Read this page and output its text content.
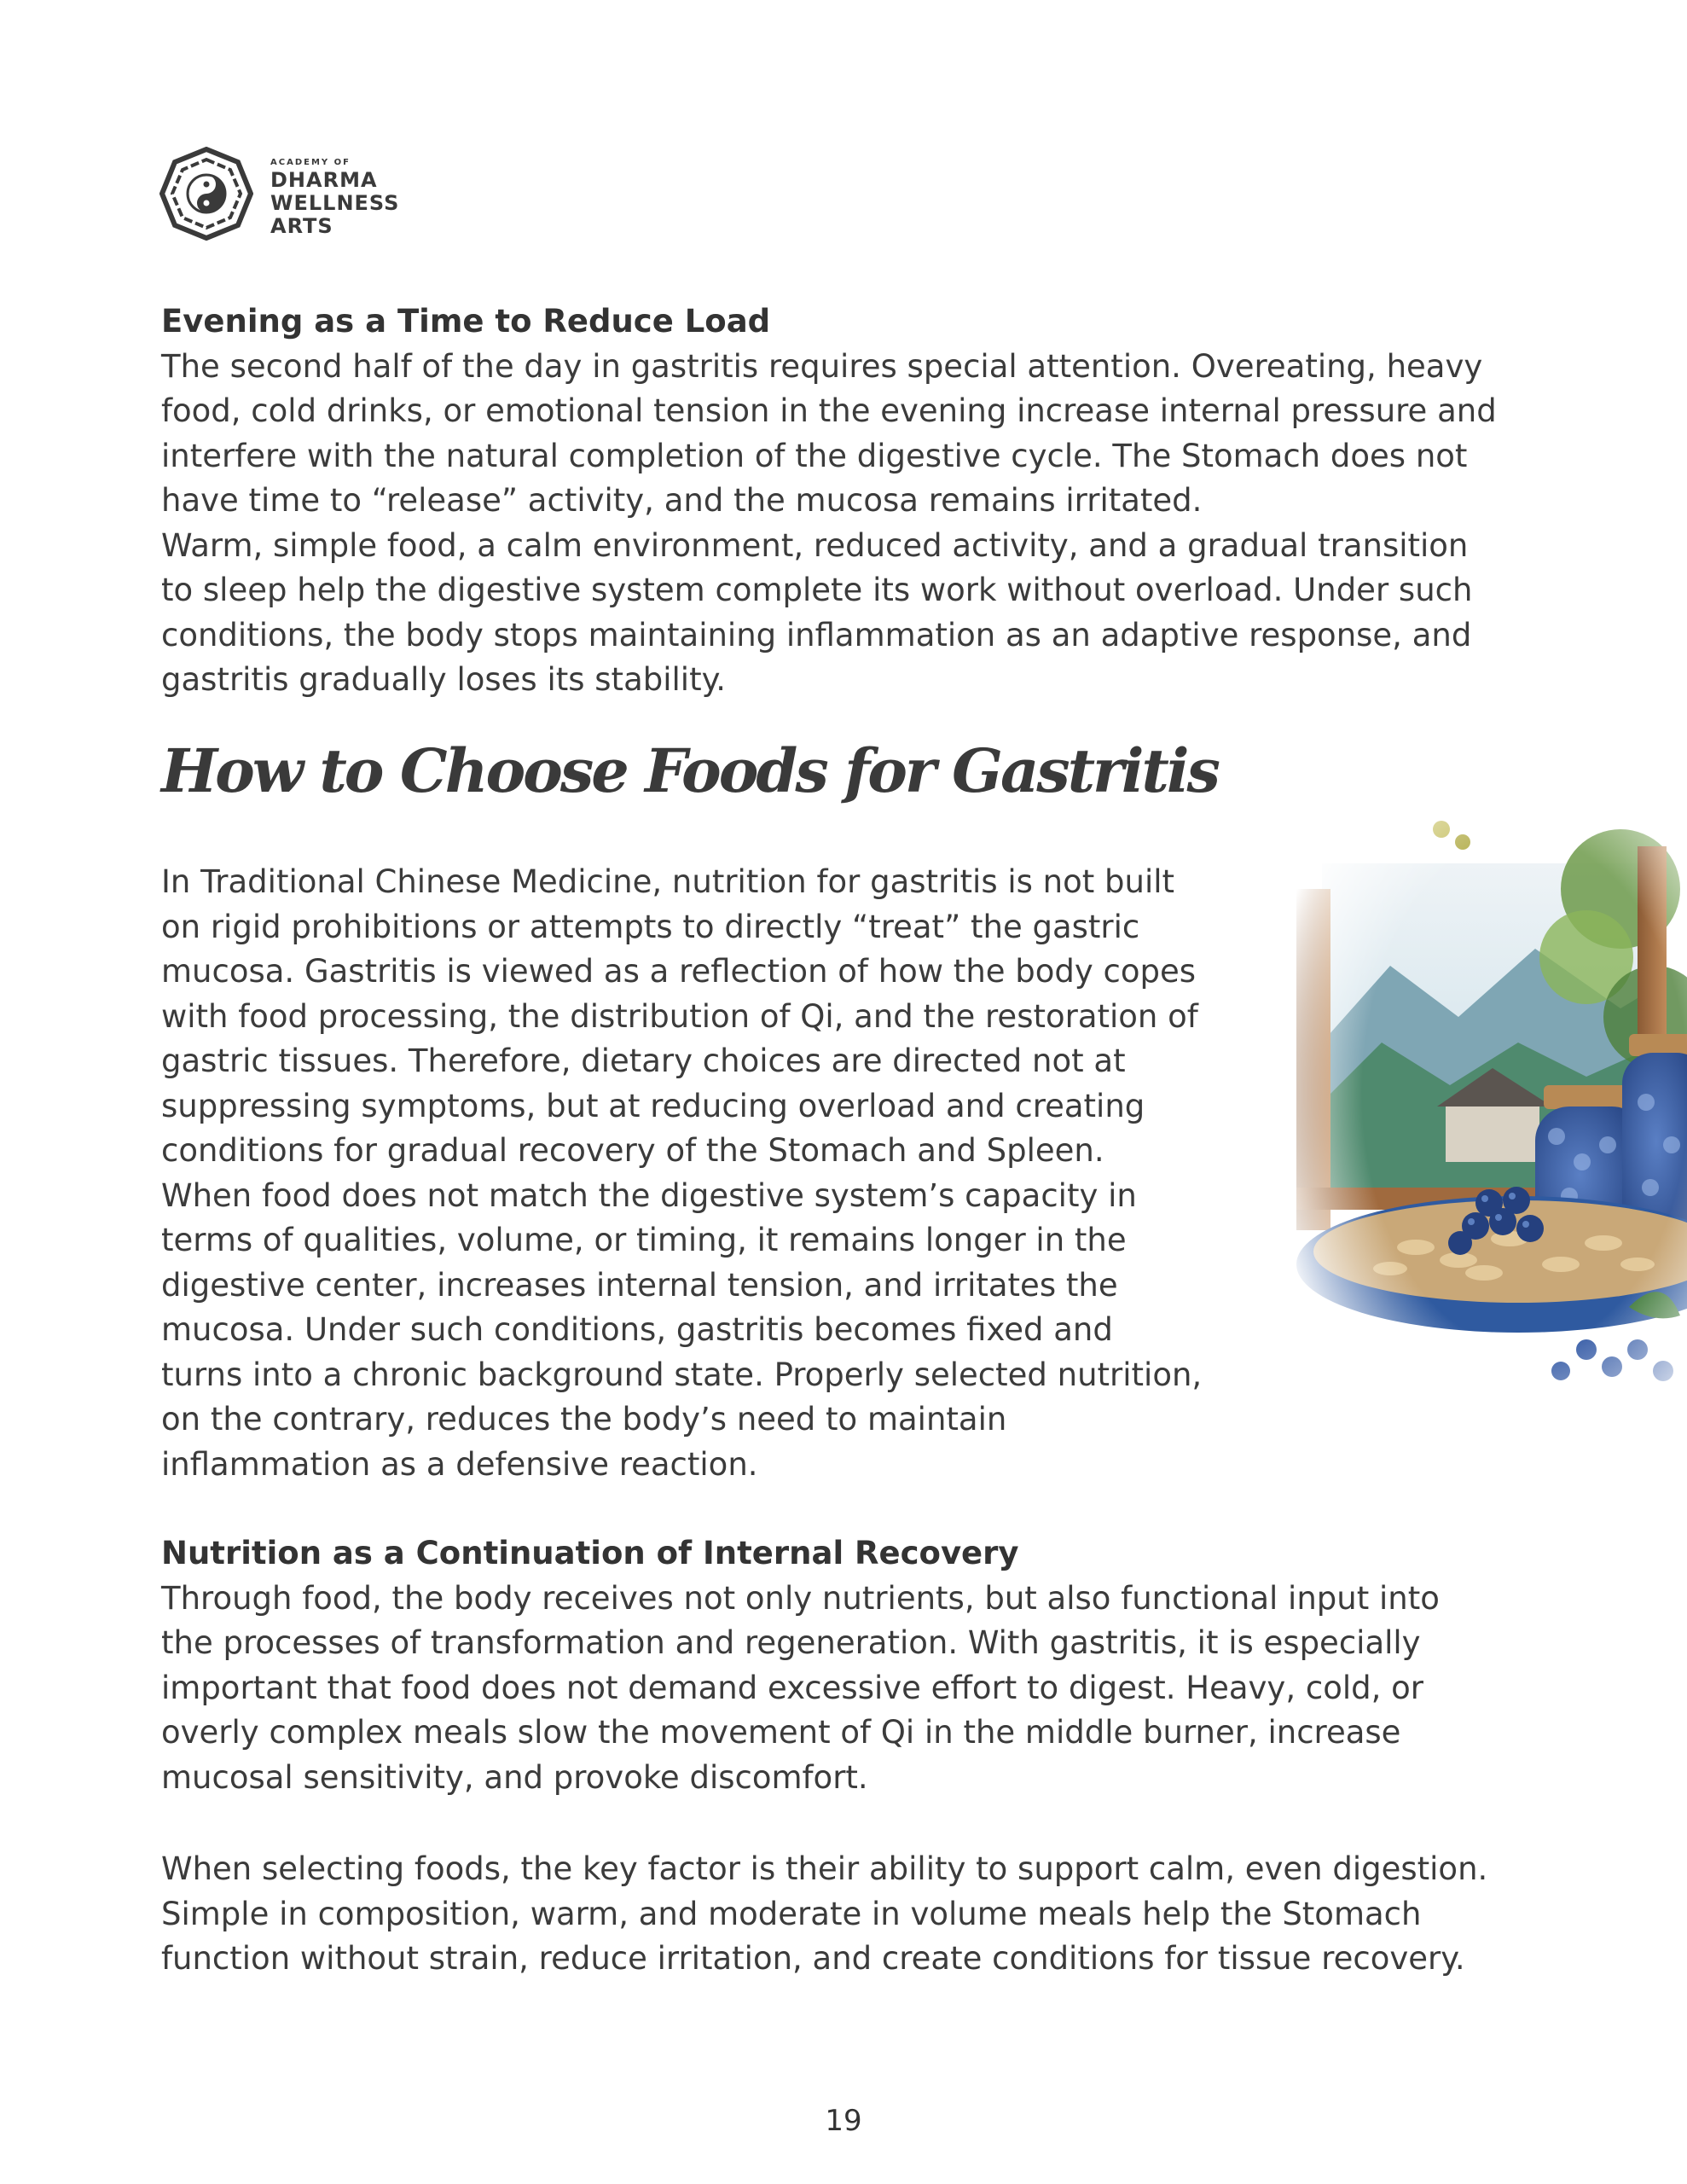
ACADEMY OF
DHARMA
WELLNESS
ARTS
Evening as a Time to Reduce Load
The second half of the day in gastritis requires special attention. Overeating, heavy
food, cold drinks, or emotional tension in the evening increase internal pressure and
interfere with the natural completion of the digestive cycle. The Stomach does not
have time to “release” activity, and the mucosa remains irritated.
Warm, simple food, a calm environment, reduced activity, and a gradual transition
to sleep help the digestive system complete its work without overload. Under such
conditions, the body stops maintaining inflammation as an adaptive response, and
gastritis gradually loses its stability.
How to Choose Foods for Gastritis
In Traditional Chinese Medicine, nutrition for gastritis is not built
on rigid prohibitions or attempts to directly “treat” the gastric
mucosa. Gastritis is viewed as a reflection of how the body copes
with food processing, the distribution of Qi, and the restoration of
gastric tissues. Therefore, dietary choices are directed not at
suppressing symptoms, but at reducing overload and creating
conditions for gradual recovery of the Stomach and Spleen.
When food does not match the digestive system’s capacity in
terms of qualities, volume, or timing, it remains longer in the
digestive center, increases internal tension, and irritates the
mucosa. Under such conditions, gastritis becomes fixed and
turns into a chronic background state. Properly selected nutrition,
on the contrary, reduces the body’s need to maintain
inflammation as a defensive reaction.
Nutrition as a Continuation of Internal Recovery
Through food, the body receives not only nutrients, but also functional input into
the processes of transformation and regeneration. With gastritis, it is especially
important that food does not demand excessive effort to digest. Heavy, cold, or
overly complex meals slow the movement of Qi in the middle burner, increase
mucosal sensitivity, and provoke discomfort.
When selecting foods, the key factor is their ability to support calm, even digestion.
Simple in composition, warm, and moderate in volume meals help the Stomach
function without strain, reduce irritation, and create conditions for tissue recovery.
19
